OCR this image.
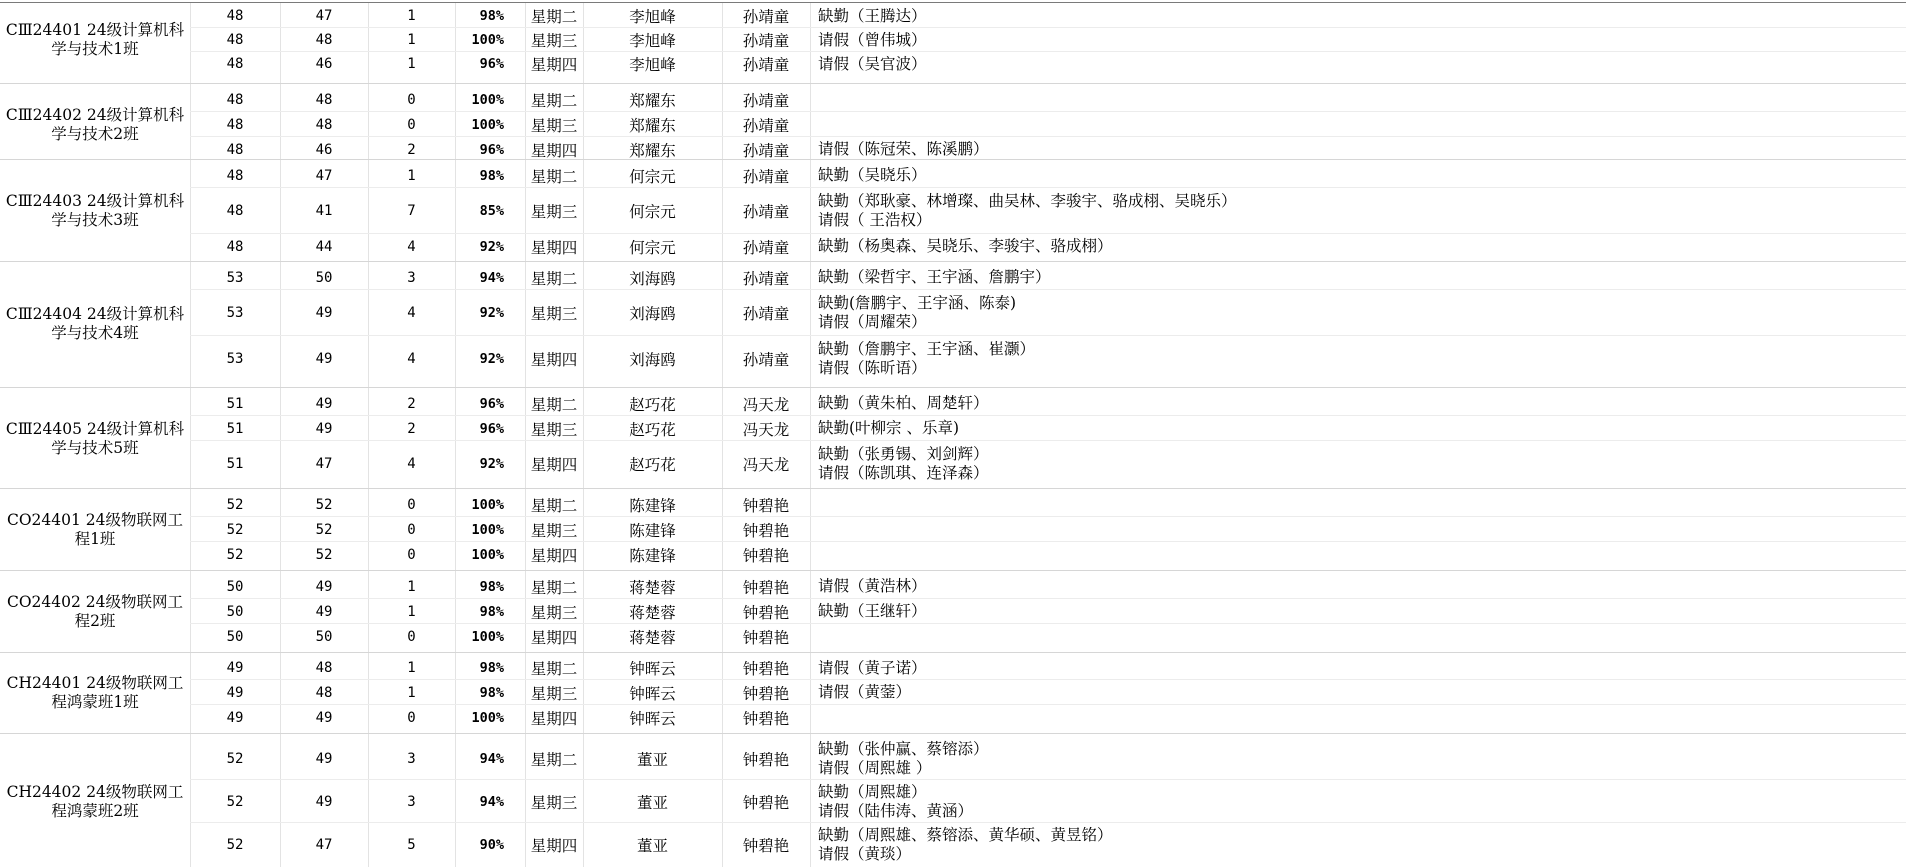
CⅢ24401 24级计算机科
学与技术1班
48	47	1	98%	星期二	李旭峰	孙靖童	缺勤（王腾达）
48	48	1	100%	星期三	李旭峰	孙靖童	请假（曾伟城）
48	46	1	96%	星期四	李旭峰	孙靖童	请假（吴官波）
CⅢ24402 24级计算机科
学与技术2班
48	48	0	100%	星期二	郑耀东	孙靖童
48	48	0	100%	星期三	郑耀东	孙靖童
48	46	2	96%	星期四	郑耀东	孙靖童	请假（陈冠荣、陈溪鹏）
CⅢ24403 24级计算机科
学与技术3班
48	47	1	98%	星期二	何宗元	孙靖童	缺勤（吴晓乐）
48	41	7	85%	星期三	何宗元	孙靖童
缺勤（郑耿豪、林增璨、曲吴林、李骏宇、骆成栩、吴晓乐）
请假（ 王浩权）
48	44	4	92%	星期四	何宗元	孙靖童	缺勤（杨奥森、吴晓乐、李骏宇、骆成栩）
CⅢ24404 24级计算机科
学与技术4班
53	50	3	94%	星期二	刘海鸥	孙靖童	缺勤（梁哲宇、王宇涵、詹鹏宇）
53	49	4	92%	星期三	刘海鸥	孙靖童
缺勤(詹鹏宇、王宇涵、陈泰)
请假（周耀荣）
53	49	4	92%	星期四	刘海鸥	孙靖童
缺勤（詹鹏宇、王宇涵、崔灏）
请假（陈昕语）
CⅢ24405 24级计算机科
学与技术5班
51	49	2	96%	星期二	赵巧花	冯天龙	缺勤（黄朱柏、周楚轩）
51	49	2	96%	星期三	赵巧花	冯天龙	缺勤(叶柳宗 、乐章)
51	47	4	92%	星期四	赵巧花	冯天龙
缺勤（张勇锡、刘剑辉）
请假（陈凯琪、连泽森）
CO24401 24级物联网工
程1班
52	52	0	100%	星期二	陈建锋	钟碧艳
52	52	0	100%	星期三	陈建锋	钟碧艳
52	52	0	100%	星期四	陈建锋	钟碧艳
CO24402 24级物联网工
程2班
50	49	1	98%	星期二	蒋楚蓉	钟碧艳	请假（黄浩林）
50	49	1	98%	星期三	蒋楚蓉	钟碧艳	缺勤（王继轩）
50	50	0	100%	星期四	蒋楚蓉	钟碧艳
CH24401 24级物联网工
程鸿蒙班1班
49	48	1	98%	星期二	钟晖云	钟碧艳	请假（黄子诺）
49	48	1	98%	星期三	钟晖云	钟碧艳	请假（黄蓥）
49	49	0	100%	星期四	钟晖云	钟碧艳
CH24402 24级物联网工
程鸿蒙班2班
52	49	3	94%	星期二	董亚	钟碧艳
缺勤（张仲赢、蔡镕添）
请假（周熙雄 ）
52	49	3	94%	星期三	董亚	钟碧艳
缺勤（周熙雄）
请假（陆伟涛、黄涵）
52	47	5	90%	星期四	董亚	钟碧艳
缺勤（周熙雄、蔡镕添、黄华硕、黄昱铭）
请假（黄琰）
